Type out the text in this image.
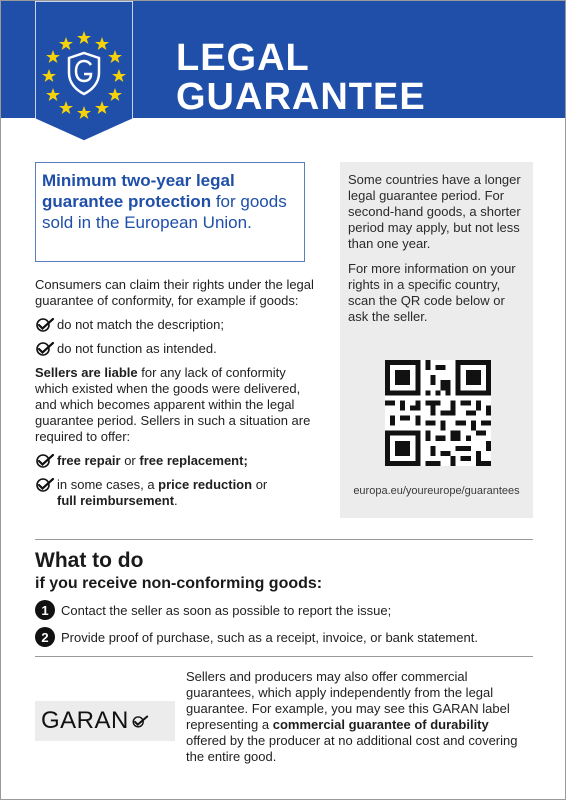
LEGAL
GUARANTEE
Minimum two-year legal guarantee protection for goods sold in the European Union.

Consumers can claim their rights under the legal guarantee of conformity, for example if goods:

do not match the description;
do not function as intended.

Sellers are liable for any lack of conformity which existed when the goods were delivered, and which becomes apparent within the legal guarantee period. Sellers in such a situation are required to offer:

free repair or free replacement;
in some cases, a price reduction or
full reimbursement.

Some countries have a longer legal guarantee period. For second-hand goods, a shorter period may apply, but not less than one year.

For more information on your rights in a specific country, scan the QR code below or ask the seller.

europa.eu/youreurope/guarantees
What to do
if you receive non-conforming goods:
1 Contact the seller as soon as possible to report the issue;
2 Provide proof of purchase, such as a receipt, invoice, or bank statement.
GARAN
Sellers and producers may also offer commercial guarantees, which apply independently from the legal guarantee. For example, you may see this GARAN label representing a commercial guarantee of durability offered by the producer at no additional cost and covering the entire good.
